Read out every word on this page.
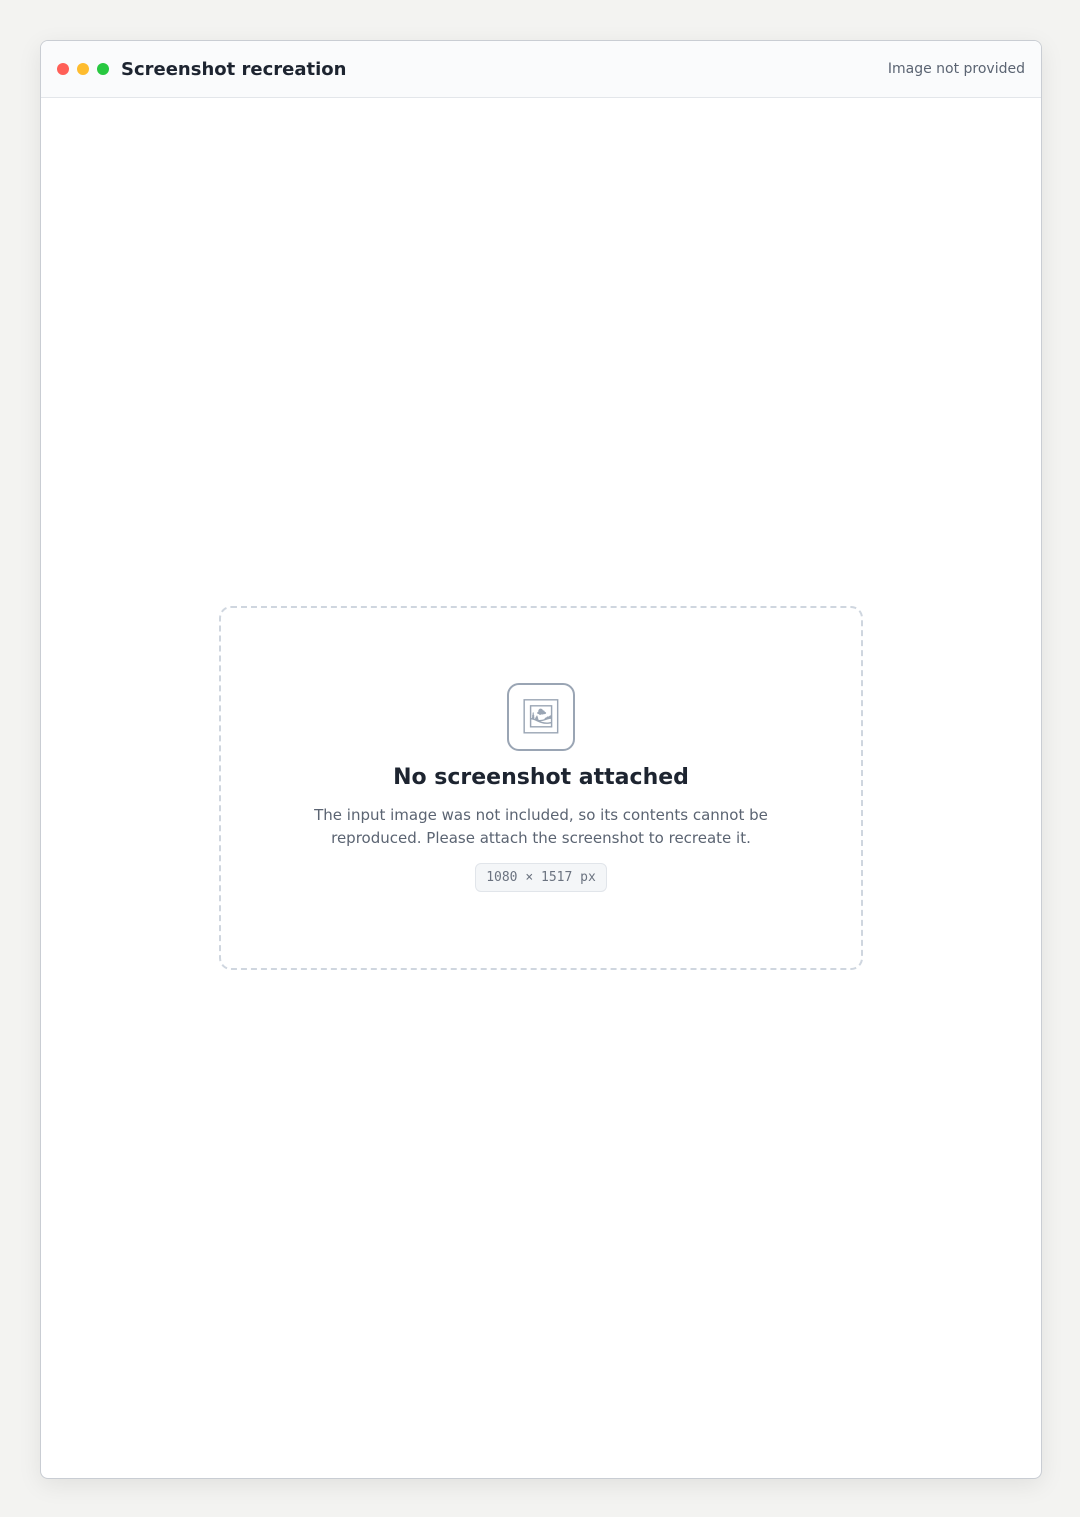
Screenshot recreation	Image not provided
🖼
No screenshot attached
The input image was not included, so its contents cannot be reproduced. Please attach the screenshot to recreate it.
1080 × 1517 px
